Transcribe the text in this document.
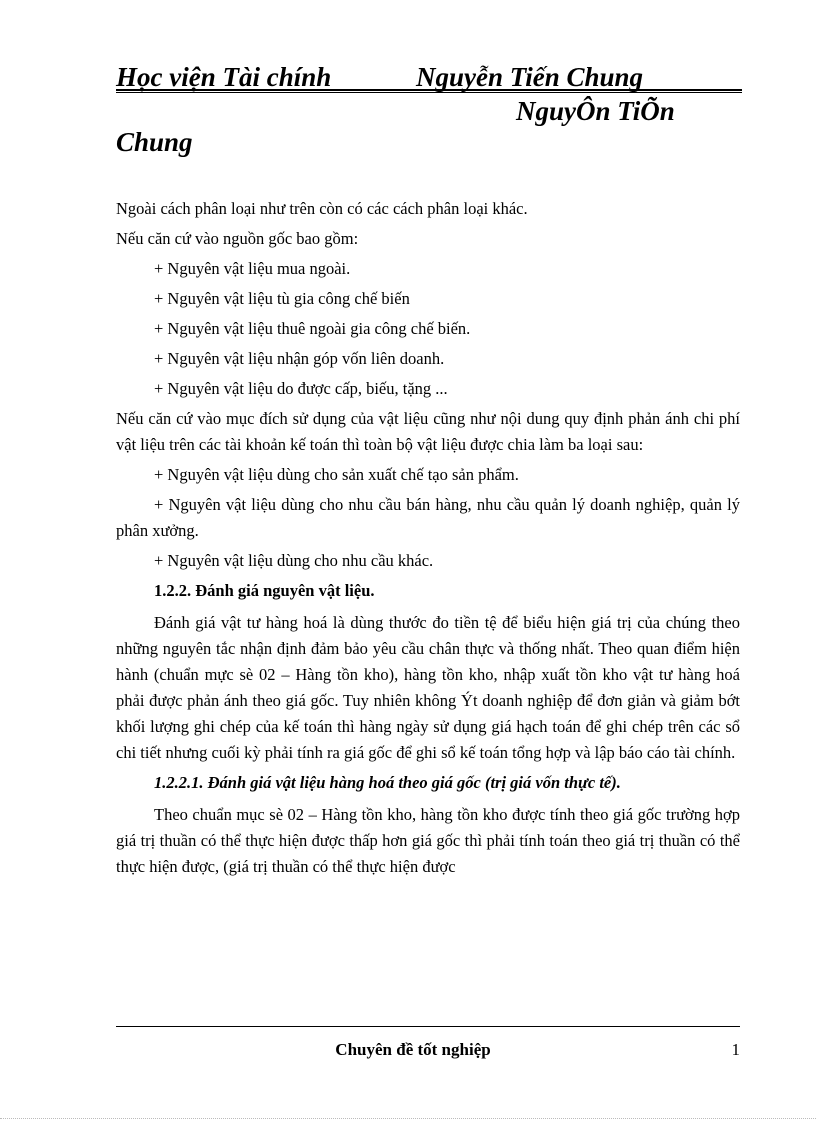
Học viện Tài chính	Nguyễn Tiến Chung
NguyÔn TiÕn
Chung

Ngoài cách phân loại như trên còn có các cách phân loại khác.

Nếu căn cứ vào nguồn gốc bao gồm:

+ Nguyên vật liệu mua ngoài.

+ Nguyên vật liệu tù gia công chế biến

+ Nguyên vật liệu thuê ngoài gia công chế biến.

+ Nguyên vật liệu nhận góp vốn liên doanh.

+ Nguyên vật liệu do được cấp, biếu, tặng ...

Nếu căn cứ vào mục đích sử dụng của vật liệu cũng như nội dung quy định phản ánh chi phí vật liệu trên các tài khoản kế toán thì toàn bộ vật liệu được chia làm ba loại sau:

+ Nguyên vật liệu dùng cho sản xuất chế tạo sản phẩm.

+ Nguyên vật liệu dùng cho nhu cầu bán hàng, nhu cầu quản lý doanh nghiệp, quản lý phân xưởng.

+ Nguyên vật liệu dùng cho nhu cầu khác.

1.2.2. Đánh giá nguyên vật liệu.

Đánh giá vật tư hàng hoá là dùng thước đo tiền tệ để biểu hiện giá trị của chúng theo những nguyên tắc nhận định đảm bảo yêu cầu chân thực và thống nhất. Theo quan điểm hiện hành (chuẩn mực sè 02 – Hàng tồn kho), hàng tồn kho, nhập xuất tồn kho vật tư hàng hoá phải được phản ánh theo giá gốc. Tuy nhiên không Ýt doanh nghiệp để đơn giản và giảm bớt khối lượng ghi chép của kế toán thì hàng ngày sử dụng giá hạch toán để ghi chép trên các sổ chi tiết nhưng cuối kỳ phải tính ra giá gốc để ghi sổ kế toán tổng hợp và lập báo cáo tài chính.

1.2.2.1. Đánh giá vật liệu hàng hoá theo giá gốc (trị giá vốn thực tế).

Theo chuẩn mục sè 02 – Hàng tồn kho, hàng tồn kho được tính theo giá gốc trường hợp giá trị thuần có thể thực hiện được thấp hơn giá gốc thì phải tính toán theo giá trị thuần có thể thực hiện được, (giá trị thuần có thể thực hiện được

Chuyên đề tốt nghiệp	1
